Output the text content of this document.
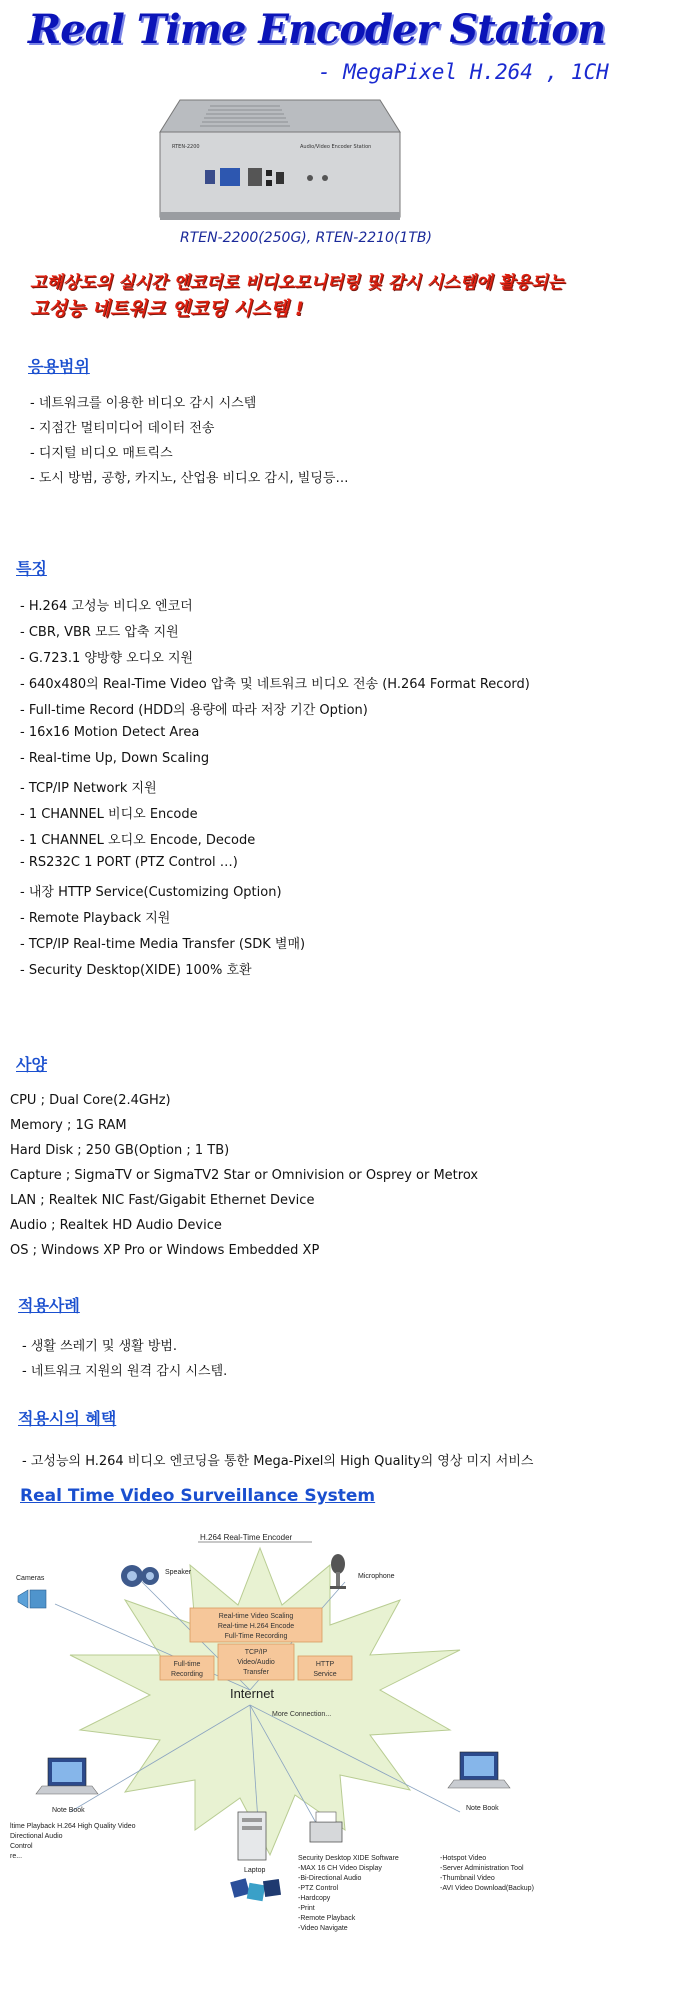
Real Time Encoder Station
- MegaPixel H.264 , 1CH
RTEN-2200	Audio/Video Encoder Station
RTEN-2200(250G), RTEN-2210(1TB)
고해상도의 실시간 엔코더로 비디오모니터링 및 감시 시스템에 활용되는
고성능 네트워크 엔코딩 시스템 !
응용범위
- 네트워크를 이용한 비디오 감시 시스템
- 지점간 멀티미디어 데이터 전송
- 디지털 비디오 매트릭스
- 도시 방범, 공항, 카지노, 산업용 비디오 감시, 빌딩등…
특징
- H.264 고성능 비디오 엔코더
- CBR, VBR 모드 압축 지원
- G.723.1 양방향 오디오 지원
- 640x480의 Real-Time Video 압축 및 네트워크 비디오 전송 (H.264 Format Record)
- Full-time Record (HDD의 용량에 따라 저장 기간 Option)
- 16x16 Motion Detect Area
- Real-time Up, Down Scaling
- TCP/IP Network 지원
- 1 CHANNEL 비디오 Encode
- 1 CHANNEL 오디오 Encode, Decode
- RS232C 1 PORT (PTZ Control …)
- 내장 HTTP Service(Customizing Option)
- Remote Playback 지원
- TCP/IP Real-time Media Transfer (SDK 별매)
- Security Desktop(XIDE) 100% 호환
사양
CPU ; Dual Core(2.4GHz)
Memory ; 1G RAM
Hard Disk ; 250 GB(Option ; 1 TB)
Capture ; SigmaTV or SigmaTV2 Star or Omnivision or Osprey or Metrox
LAN ; Realtek NIC Fast/Gigabit Ethernet Device
Audio ; Realtek HD Audio Device
OS ; Windows XP Pro or Windows Embedded XP
적용사례
- 생활 쓰레기 및 생활 방범.
- 네트워크 지원의 원격 감시 시스템.
적용시의 혜택
- 고성능의 H.264 비디오 엔코딩을 통한 Mega-Pixel의 High Quality의 영상 미지 서비스
Real Time Video Surveillance System
H.264 Real-Time Encoder
Real-time Video Scaling
Real-time H.264 Encode
Full-Time Recording
TCP/IP
Video/Audio
Transfer
Full-time
Recording
HTTP
Service
Internet
More Connection...
Cameras
Speaker
Microphone
Note Book	Note Book
Laptop
ltime Playback H.264 High Quality Video
Directional Audio
Control
re...	Security Desktop XIDE Software
-MAX 16 CH Video Display
-Bi-Directional Audio
-PTZ Control
-Hardcopy
-Print
-Remote Playback
-Video Navigate
-Hotspot Video
-Server Administration Tool
-Thumbnail Video
-AVI Video Download(Backup)
